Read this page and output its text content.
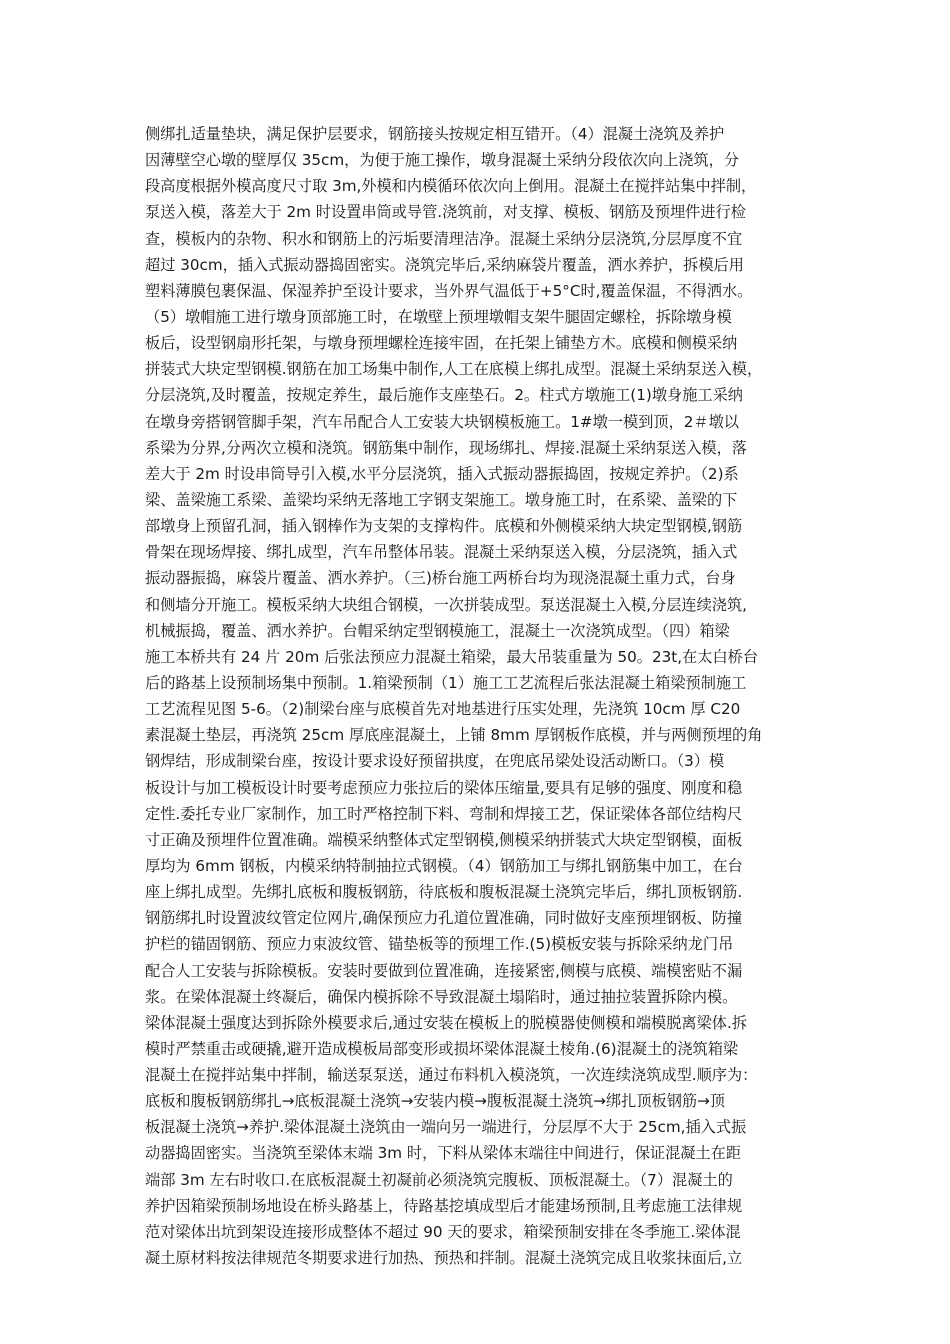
侧绑扎适量垫块，满足保护层要求，钢筋接头按规定相互错开。（4）混凝土浇筑及养护
因薄壁空心墩的壁厚仅 35cm，为便于施工操作，墩身混凝土采纳分段依次向上浇筑，分
段高度根据外模高度尺寸取 3m,外模和内模循环依次向上倒用。混凝土在搅拌站集中拌制，
泵送入模，落差大于 2m 时设置串筒或导管.浇筑前，对支撑、模板、钢筋及预埋件进行检
查，模板内的杂物、积水和钢筋上的污垢要清理洁净。混凝土采纳分层浇筑,分层厚度不宜
超过 30cm，插入式振动器捣固密实。浇筑完毕后,采纳麻袋片覆盖，洒水养护，拆模后用
塑料薄膜包裹保温、保湿养护至设计要求，当外界气温低于+5°C时,覆盖保温，不得洒水。
（5）墩帽施工进行墩身顶部施工时，在墩壁上预埋墩帽支架牛腿固定螺栓，拆除墩身模
板后，设型钢扇形托架，与墩身预埋螺栓连接牢固，在托架上铺垫方木。底模和侧模采纳
拼装式大块定型钢模.钢筋在加工场集中制作,人工在底模上绑扎成型。混凝土采纳泵送入模，
分层浇筑,及时覆盖，按规定养生，最后施作支座垫石。2。柱式方墩施工(1)墩身施工采纳
在墩身旁搭钢管脚手架，汽车吊配合人工安装大块钢模板施工。1#墩一模到顶，2＃墩以
系梁为分界,分两次立模和浇筑。钢筋集中制作，现场绑扎、焊接.混凝土采纳泵送入模，落
差大于 2m 时设串筒导引入模,水平分层浇筑，插入式振动器振捣固，按规定养护。（2)系
梁、盖梁施工系梁、盖梁均采纳无落地工字钢支架施工。墩身施工时，在系梁、盖梁的下
部墩身上预留孔洞，插入钢棒作为支架的支撑构件。底模和外侧模采纳大块定型钢模,钢筋
骨架在现场焊接、绑扎成型，汽车吊整体吊装。混凝土采纳泵送入模，分层浇筑，插入式
振动器振捣，麻袋片覆盖、洒水养护。（三)桥台施工两桥台均为现浇混凝土重力式，台身
和侧墙分开施工。模板采纳大块组合钢模，一次拼装成型。泵送混凝土入模,分层连续浇筑,
机械振捣，覆盖、洒水养护。台帽采纳定型钢模施工，混凝土一次浇筑成型。（四）箱梁
施工本桥共有 24 片 20m 后张法预应力混凝土箱梁，最大吊装重量为 50。23t,在太白桥台
后的路基上设预制场集中预制。1.箱梁预制（1）施工工艺流程后张法混凝土箱梁预制施工
工艺流程见图 5-6。（2)制梁台座与底模首先对地基进行压实处理，先浇筑 10cm 厚 C20
素混凝土垫层，再浇筑 25cm 厚底座混凝土，上铺 8mm 厚钢板作底模，并与两侧预埋的角
钢焊结，形成制梁台座，按设计要求设好预留拱度，在兜底吊梁处设活动断口。（3）模
板设计与加工模板设计时要考虑预应力张拉后的梁体压缩量,要具有足够的强度、刚度和稳
定性.委托专业厂家制作，加工时严格控制下料、弯制和焊接工艺，保证梁体各部位结构尺
寸正确及预埋件位置准确。端模采纳整体式定型钢模,侧模采纳拼装式大块定型钢模，面板
厚均为 6mm 钢板，内模采纳特制抽拉式钢模。（4）钢筋加工与绑扎钢筋集中加工，在台
座上绑扎成型。先绑扎底板和腹板钢筋，待底板和腹板混凝土浇筑完毕后，绑扎顶板钢筋.
钢筋绑扎时设置波纹管定位网片,确保预应力孔道位置准确，同时做好支座预埋钢板、防撞
护栏的锚固钢筋、预应力束波纹管、锚垫板等的预埋工作.(5)模板安装与拆除采纳龙门吊
配合人工安装与拆除模板。安装时要做到位置准确，连接紧密,侧模与底模、端模密贴不漏
浆。在梁体混凝土终凝后，确保内模拆除不导致混凝土塌陷时，通过抽拉装置拆除内模。
梁体混凝土强度达到拆除外模要求后,通过安装在模板上的脱模器使侧模和端模脱离梁体.拆
模时严禁重击或硬撬,避开造成模板局部变形或损坏梁体混凝土棱角.(6)混凝土的浇筑箱梁
混凝土在搅拌站集中拌制，输送泵泵送，通过布料机入模浇筑，一次连续浇筑成型.顺序为：
底板和腹板钢筋绑扎→底板混凝土浇筑→安装内模→腹板混凝土浇筑→绑扎顶板钢筋→顶
板混凝土浇筑→养护.梁体混凝土浇筑由一端向另一端进行，分层厚不大于 25cm,插入式振
动器捣固密实。当浇筑至梁体末端 3m 时，下料从梁体末端往中间进行，保证混凝土在距
端部 3m 左右时收口.在底板混凝土初凝前必须浇筑完腹板、顶板混凝土。（7）混凝土的
养护因箱梁预制场地设在桥头路基上，待路基挖填成型后才能建场预制,且考虑施工法律规
范对梁体出坑到架设连接形成整体不超过 90 天的要求，箱梁预制安排在冬季施工.梁体混
凝土原材料按法律规范冬期要求进行加热、预热和拌制。混凝土浇筑完成且收浆抹面后,立
